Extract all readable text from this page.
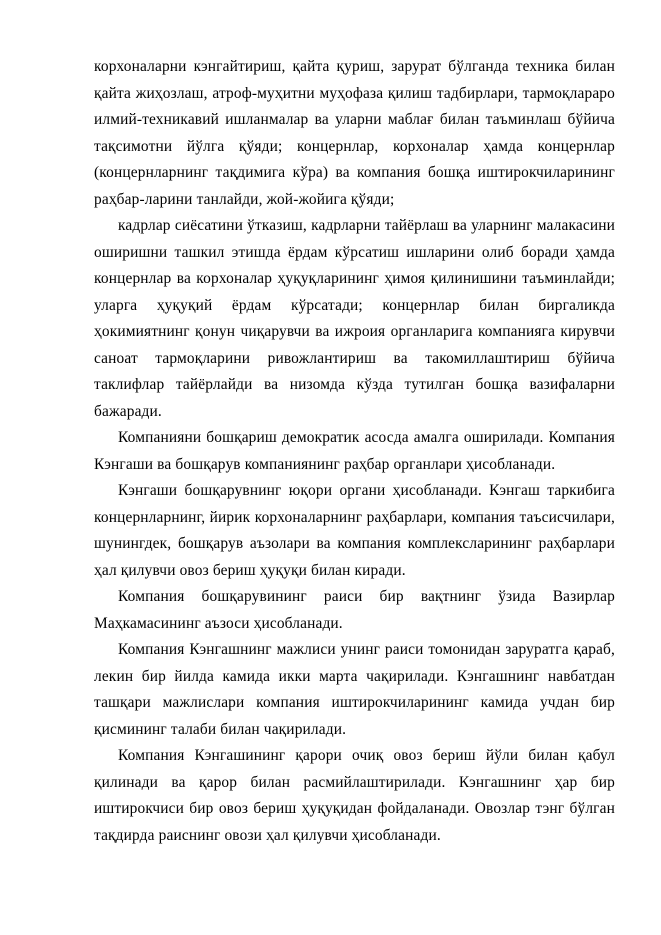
корхоналарни кэнгайтириш, қайта қуриш, зарурат бўлганда техника билан қайта жиҳозлаш, атроф-муҳитни муҳофаза қилиш тадбирлари, тармоқлараро илмий-техникавий ишланмалар ва уларни маблағ билан таъминлаш бўйича тақсимотни йўлга қўяди; концернлар, корхоналар ҳамда концернлар (концернларнинг тақдимига кўра) ва компания бошқа иштирокчиларининг раҳбар-ларини танлайди, жой-жойига қўяди;

кадрлар сиёсатини ўтказиш, кадрларни тайёрлаш ва уларнинг малакасини оширишни ташкил этишда ёрдам кўрсатиш ишларини олиб боради ҳамда концернлар ва корхоналар ҳуқуқларининг ҳимоя қилинишини таъминлайди; уларга ҳуқуқий ёрдам кўрсатади; концернлар билан биргаликда ҳокимиятнинг қонун чиқарувчи ва ижроия органларига компанияга кирувчи саноат тармоқларини ривожлантириш ва такомиллаштириш бўйича таклифлар тайёрлайди ва низомда кўзда тутилган бошқа вазифаларни бажаради.

Компанияни бошқариш демократик асосда амалга оширилади. Компания Кэнгаши ва бошқарув компаниянинг раҳбар органлари ҳисобланади.

Кэнгаши бошқарувнинг юқори органи ҳисобланади. Кэнгаш таркибига концернларнинг, йирик корхоналарнинг раҳбарлари, компания таъсисчилари, шунингдек, бошқарув аъзолари ва компания комплексларининг раҳбарлари ҳал қилувчи овоз бериш ҳуқуқи билан киради.

Компания бошқарувининг раиси бир вақтнинг ўзида Вазирлар Маҳкамасининг аъзоси ҳисобланади.

Компания Кэнгашнинг мажлиси унинг раиси томонидан заруратга қараб, лекин бир йилда камида икки марта чақирилади. Кэнгашнинг навбатдан ташқари мажлислари компания иштирокчиларининг камида учдан бир қисмининг талаби билан чақирилади.

Компания Кэнгашининг қарори очиқ овоз бериш йўли билан қабул қилинади ва қарор билан расмийлаштирилади. Кэнгашнинг ҳар бир иштирокчиси бир овоз бериш ҳуқуқидан фойдаланади. Овозлар тэнг бўлган тақдирда раиснинг овози ҳал қилувчи ҳисобланади.
